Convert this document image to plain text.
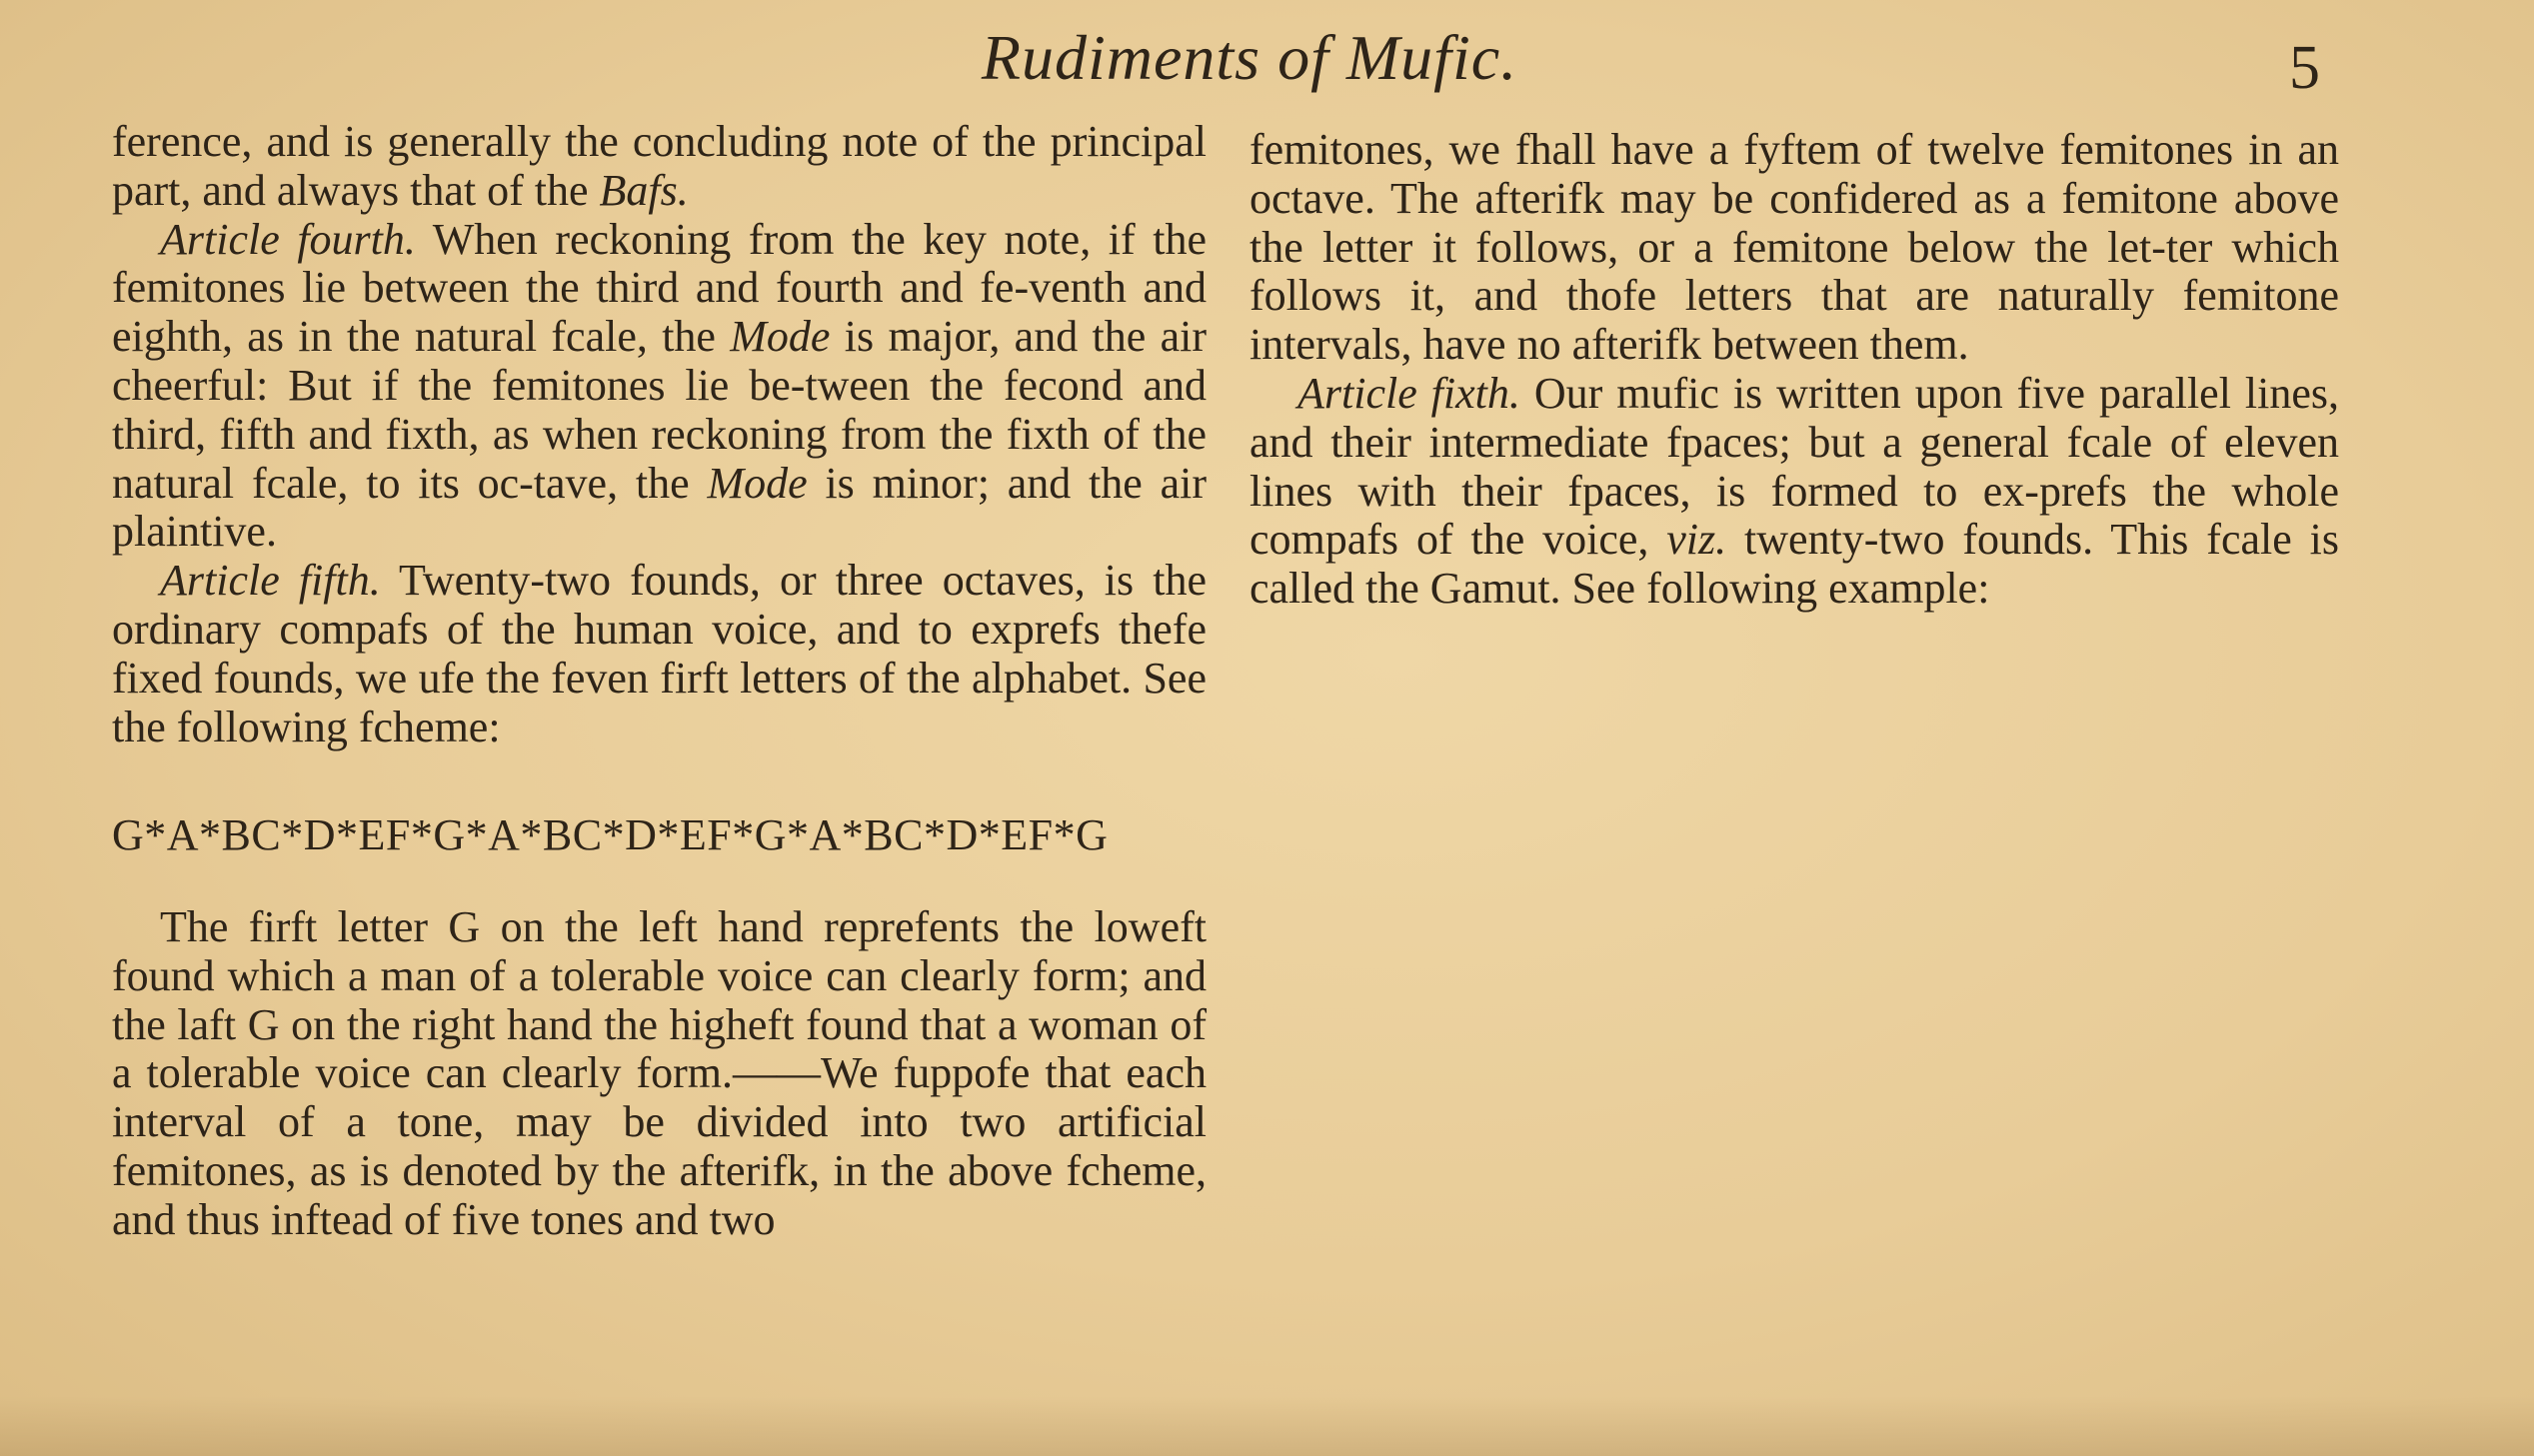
Rudiments of Mufic.	5

ference, and is generally the concluding note of the principal part, and always that of the Bafs.

Article fourth. When reckoning from the key note, if the femitones lie between the third and fourth and fe-venth and eighth, as in the natural fcale, the Mode is major, and the air cheerful: But if the femitones lie be-tween the fecond and third, fifth and fixth, as when reckoning from the fixth of the natural fcale, to its oc-tave, the Mode is minor; and the air plaintive.

Article fifth. Twenty-two founds, or three octaves, is the ordinary compafs of the human voice, and to exprefs thefe fixed founds, we ufe the feven firft letters of the alphabet. See the following fcheme:

G*A*BC*D*EF*G*A*BC*D*EF*G*A*BC*D*EF*G

The firft letter G on the left hand reprefents the loweft found which a man of a tolerable voice can clearly form; and the laft G on the right hand the higheft found that a woman of a tolerable voice can clearly form.——We fuppofe that each interval of a tone, may be divided into two artificial femitones, as is denoted by the afterifk, in the above fcheme, and thus inftead of five tones and two

femitones, we fhall have a fyftem of twelve femitones in an octave. The afterifk may be confidered as a femitone above the letter it follows, or a femitone below the let-ter which follows it, and thofe letters that are naturally femitone intervals, have no afterifk between them.

Article fixth. Our mufic is written upon five parallel lines, and their intermediate fpaces; but a general fcale of eleven lines with their fpaces, is formed to ex-prefs the whole compafs of the voice, viz. twenty-two founds. This fcale is called the Gamut. See following example:
